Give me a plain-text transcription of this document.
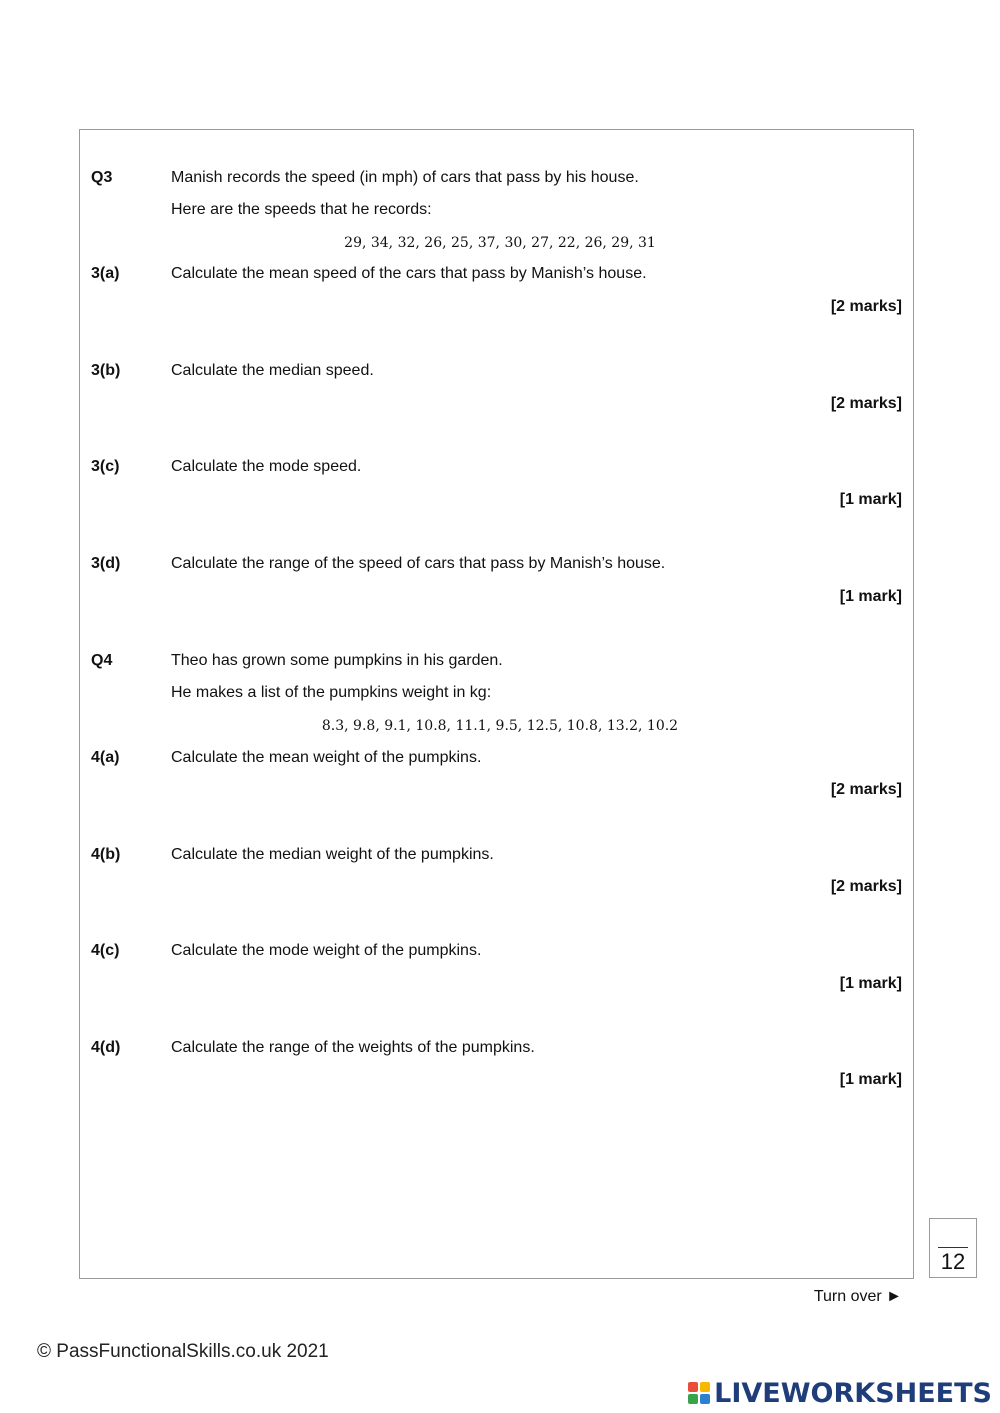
Q3	Manish records the speed (in mph) of cars that pass by his house.
Here are the speeds that he records:
29, 34, 32, 26, 25, 37, 30, 27, 22, 26, 29, 31
3(a)	Calculate the mean speed of the cars that pass by Manish’s house.
[2 marks]
3(b)	Calculate the median speed.
[2 marks]
3(c)	Calculate the mode speed.
[1 mark]
3(d)	Calculate the range of the speed of cars that pass by Manish’s house.
[1 mark]
Q4	Theo has grown some pumpkins in his garden.
He makes a list of the pumpkins weight in kg:
8.3, 9.8, 9.1, 10.8, 11.1, 9.5, 12.5, 10.8, 13.2, 10.2
4(a)	Calculate the mean weight of the pumpkins.
[2 marks]
4(b)	Calculate the median weight of the pumpkins.
[2 marks]
4(c)	Calculate the mode weight of the pumpkins.
[1 mark]
4(d)	Calculate the range of the weights of the pumpkins.
[1 mark]
12
Turn over ►
© PassFunctionalSkills.co.uk 2021
LIVEWORKSHEETS
